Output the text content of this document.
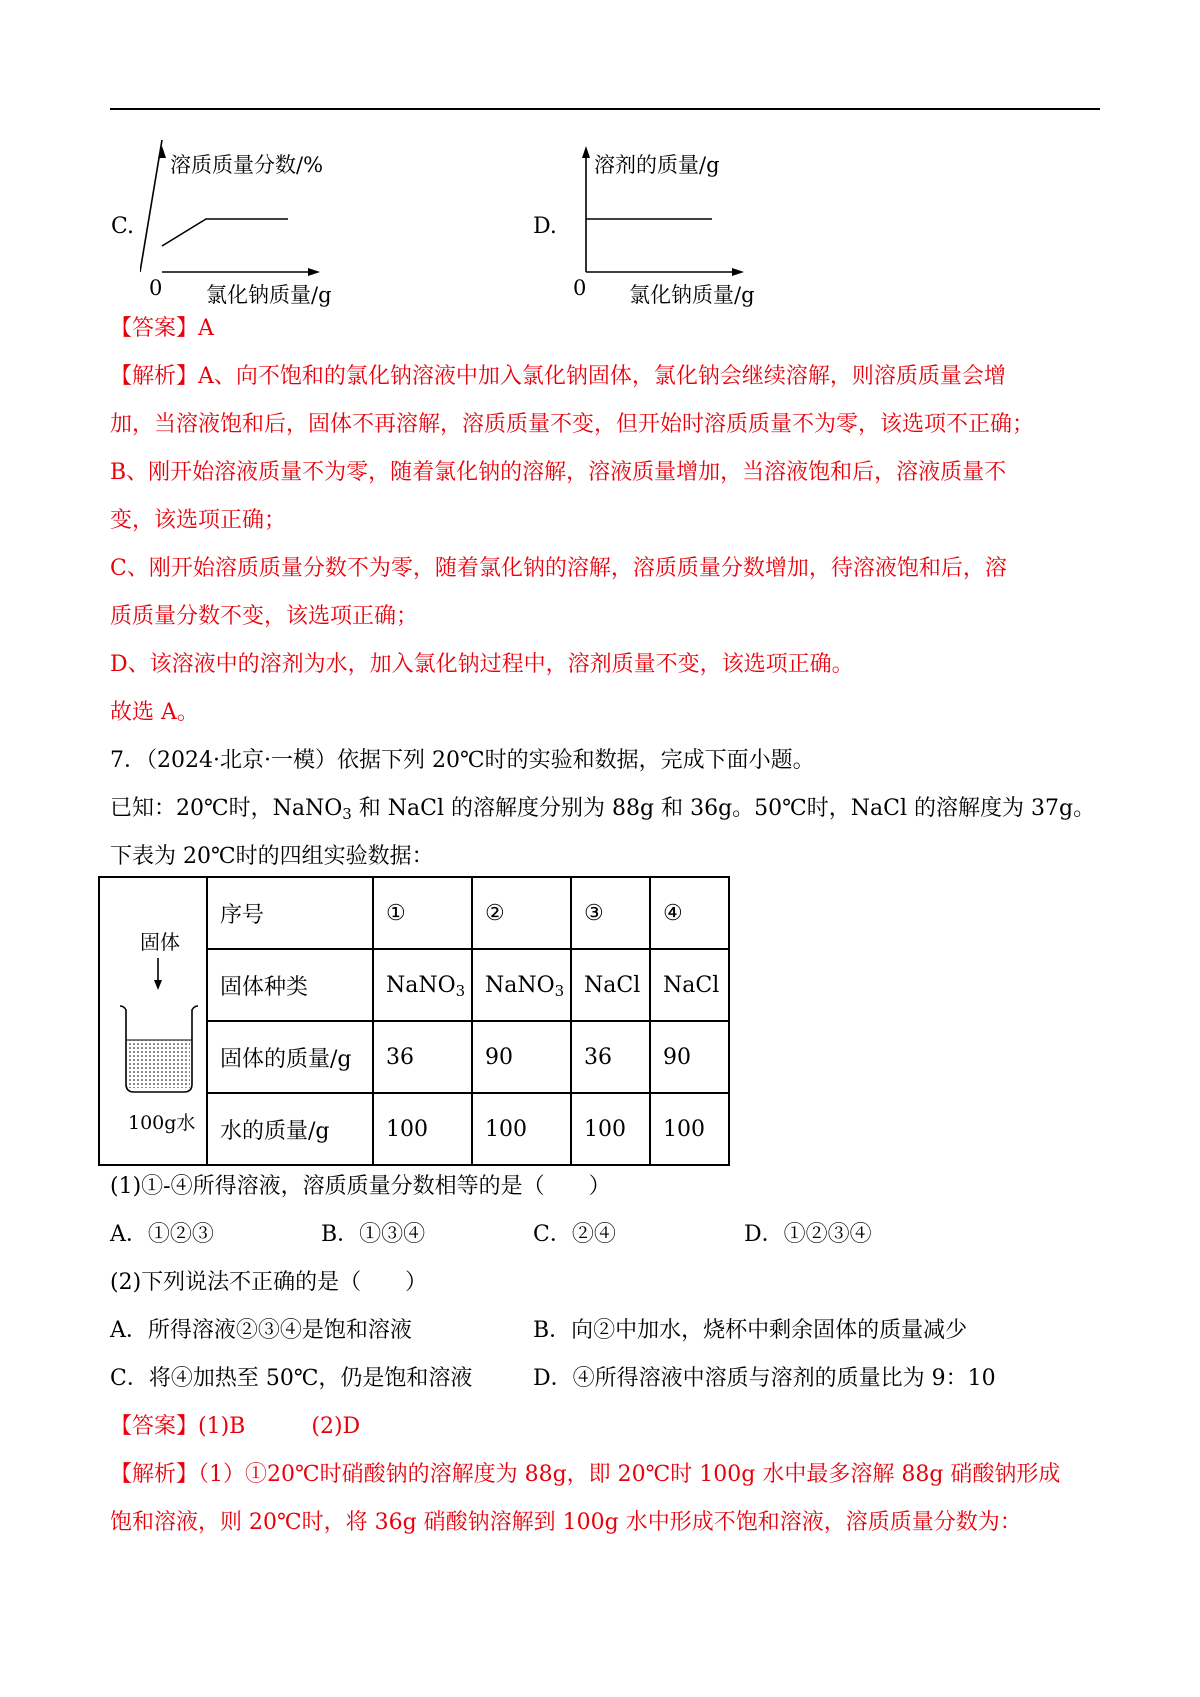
C.
溶质质量分数/%
0 氯化钠质量/g
D.
溶剂的质量/g
0 氯化钠质量/g
【答案】A
【解析】A、向不饱和的氯化钠溶液中加入氯化钠固体，氯化钠会继续溶解，则溶质质量会增
加，当溶液饱和后，固体不再溶解，溶质质量不变，但开始时溶质质量不为零，该选项不正确；
B、刚开始溶液质量不为零，随着氯化钠的溶解，溶液质量增加，当溶液饱和后，溶液质量不
变，该选项正确；
C、刚开始溶质质量分数不为零，随着氯化钠的溶解，溶质质量分数增加，待溶液饱和后，溶
质质量分数不变，该选项正确；
D、该溶液中的溶剂为水，加入氯化钠过程中，溶剂质量不变，该选项正确。
故选 A。
7．（2024·北京·一模）依据下列 20℃时的实验和数据，完成下面小题。
已知：20℃时，NaNO$_3$ 和 NaCl 的溶解度分别为 88g 和 36g。50℃时，NaCl 的溶解度为 37g。
下表为 20℃时的四组实验数据：
固体
100g水	序号	①	②	③	④
	固体种类	NaNO$_3$	NaNO$_3$	NaCl	NaCl
	固体的质量/g	36	90	36	90
	水的质量/g	100	100	100	100
(1)①-④所得溶液，溶质质量分数相等的是（　　）
A．①②③	B．①③④	C．②④	D．①②③④
(2)下列说法不正确的是（　　）
A．所得溶液②③④是饱和溶液	B．向②中加水，烧杯中剩余固体的质量减少
C．将④加热至 50℃，仍是饱和溶液	D．④所得溶液中溶质与溶剂的质量比为 9：10
【答案】(1)B	(2)D
【解析】（1）①20℃时硝酸钠的溶解度为 88g，即 20℃时 100g 水中最多溶解 88g 硝酸钠形成
饱和溶液，则 20℃时，将 36g 硝酸钠溶解到 100g 水中形成不饱和溶液，溶质质量分数为：
